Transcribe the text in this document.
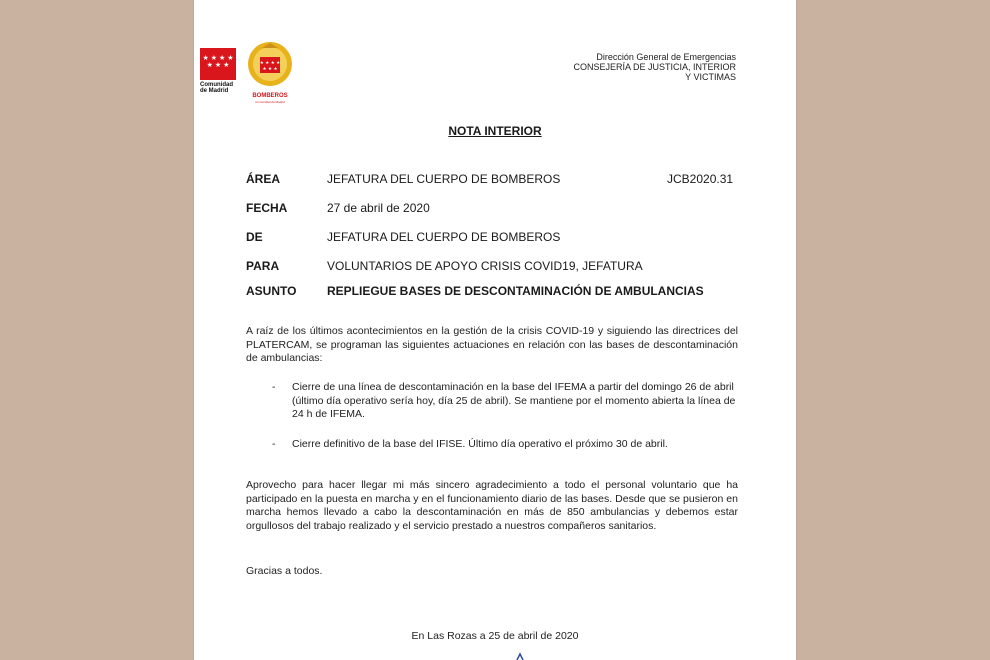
★ ★ ★ ★
★ ★ ★
Comunidad de Madrid
★ ★ ★ ★
★ ★ ★
BOMBEROS
Comunidad de Madrid
Dirección General de Emergencias
CONSEJERÍA DE JUSTICIA, INTERIOR
Y VICTIMAS
NOTA INTERIOR
ÁREA	JEFATURA DEL CUERPO DE BOMBEROS	JCB2020.31
FECHA	27 de abril de 2020
DE	JEFATURA DEL CUERPO DE BOMBEROS
PARA	VOLUNTARIOS DE APOYO CRISIS COVID19, JEFATURA
ASUNTO	REPLIEGUE BASES DE DESCONTAMINACIÓN DE AMBULANCIAS
A raíz de los últimos acontecimientos en la gestión de la crisis COVID-19 y siguiendo las directrices del PLATERCAM, se programan las siguientes actuaciones en relación con las bases de descontaminación de ambulancias:
- Cierre de una línea de descontaminación en la base del IFEMA a partir del domingo 26 de abril (último día operativo sería hoy, día 25 de abril). Se mantiene por el momento abierta la línea de 24 h de IFEMA.
- Cierre definitivo de la base del IFISE. Último día operativo el próximo 30 de abril.
Aprovecho para hacer llegar mi más sincero agradecimiento a todo el personal voluntario que ha participado en la puesta en marcha y en el funcionamiento diario de las bases. Desde que se pusieron en marcha hemos llevado a cabo la descontaminación en más de 850 ambulancias y debemos estar orgullosos del trabajo realizado y el servicio prestado a nuestros compañeros sanitarios.
Gracias a todos.
En Las Rozas a 25 de abril de 2020
